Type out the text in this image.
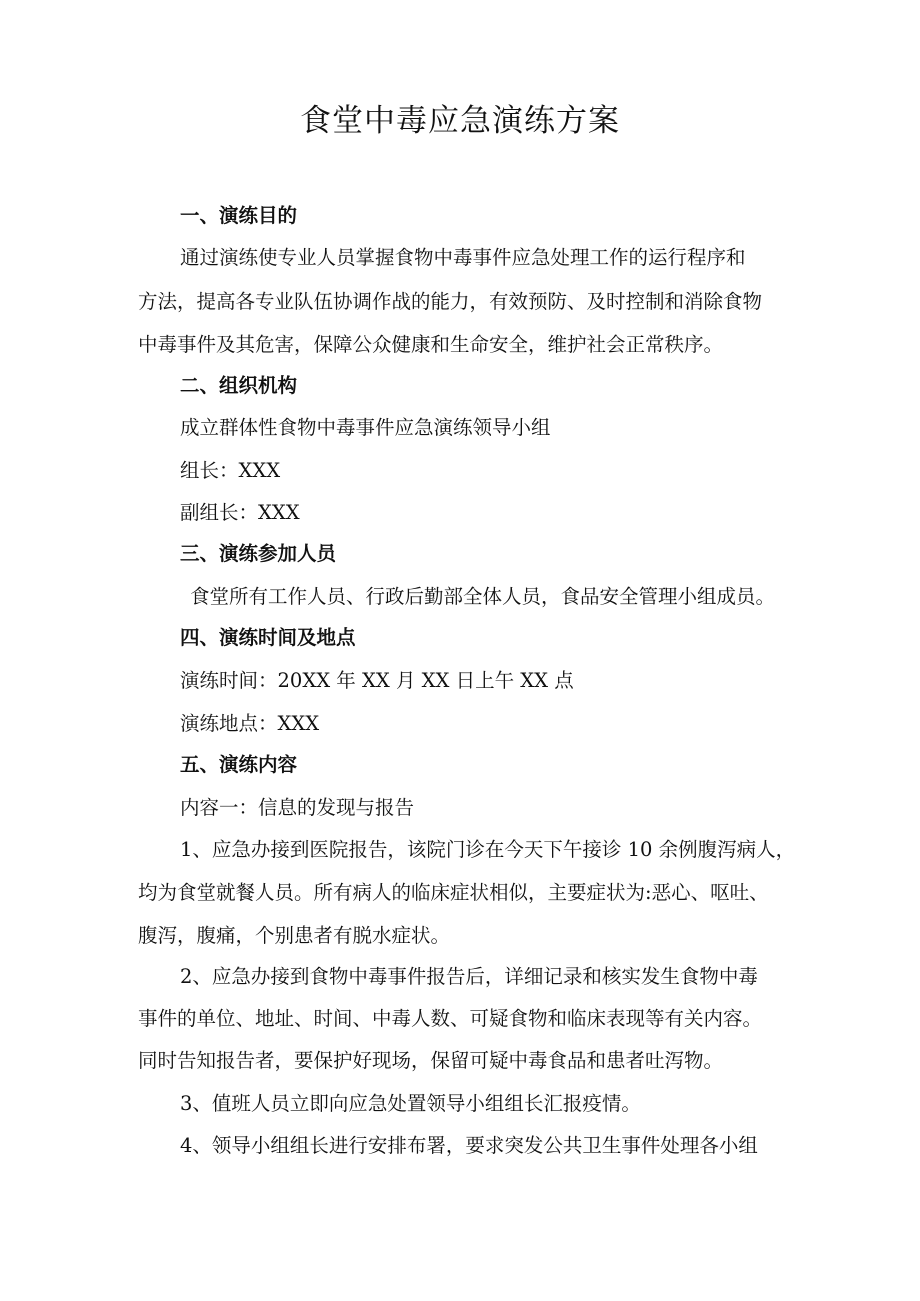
食堂中毒应急演练方案
一、演练目的
通过演练使专业人员掌握食物中毒事件应急处理工作的运行程序和
方法，提高各专业队伍协调作战的能力，有效预防、及时控制和消除食物
中毒事件及其危害，保障公众健康和生命安全，维护社会正常秩序。
二、组织机构
成立群体性食物中毒事件应急演练领导小组
组长：XXX
副组长：XXX
三、演练参加人员
食堂所有工作人员、行政后勤部全体人员，食品安全管理小组成员。
四、演练时间及地点
演练时间：20XX 年 XX 月 XX 日上午 XX 点
演练地点：XXX
五、演练内容
内容一：信息的发现与报告
1、应急办接到医院报告，该院门诊在今天下午接诊 10 余例腹泻病人，
均为食堂就餐人员。所有病人的临床症状相似，主要症状为:恶心、呕吐、
腹泻，腹痛，个别患者有脱水症状。
2、应急办接到食物中毒事件报告后，详细记录和核实发生食物中毒
事件的单位、地址、时间、中毒人数、可疑食物和临床表现等有关内容。
同时告知报告者，要保护好现场，保留可疑中毒食品和患者吐泻物。
3、值班人员立即向应急处置领导小组组长汇报疫情。
4、领导小组组长进行安排布署，要求突发公共卫生事件处理各小组
